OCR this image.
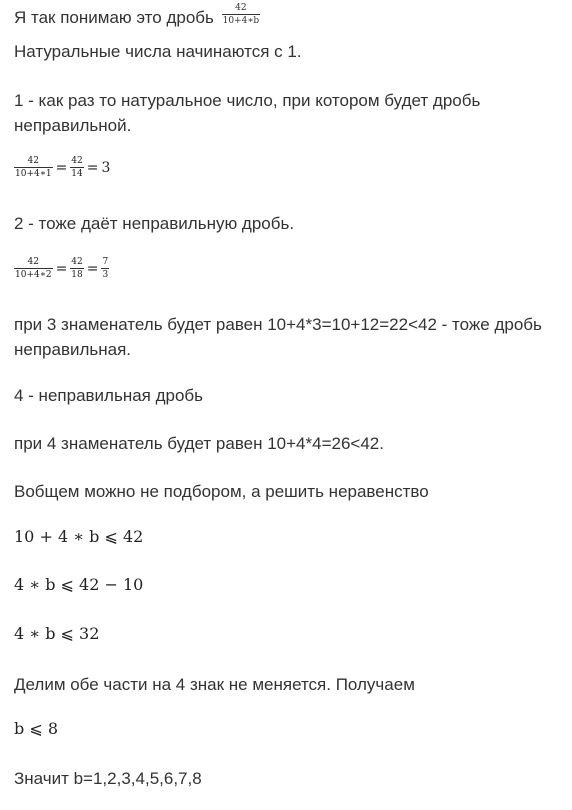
Я так понимаю это дробь $\frac{42}{10+4∗b}$
Натуральные числа начинаются с 1.
1 - как раз то натуральное число, при котором будет дробь
неправильной.
$\frac{42}{10+4∗1} = \frac{42}{14} = 3$
2 - тоже даёт неправильную дробь.
$\frac{42}{10+4∗2} = \frac{42}{18} = \frac{7}{3}$
при 3 знаменатель будет равен 10+4*3=10+12=22<42 - тоже дробь
неправильная.
4 - неправильная дробь
при 4 знаменатель будет равен 10+4*4=26<42.
Вобщем можно не подбором, а решить неравенство
10 + 4 ∗ b ⩽ 42
4 ∗ b ⩽ 42 − 10
4 ∗ b ⩽ 32
Делим обе части на 4 знак не меняется. Получаем
b ⩽ 8
Значит b=1,2,3,4,5,6,7,8
